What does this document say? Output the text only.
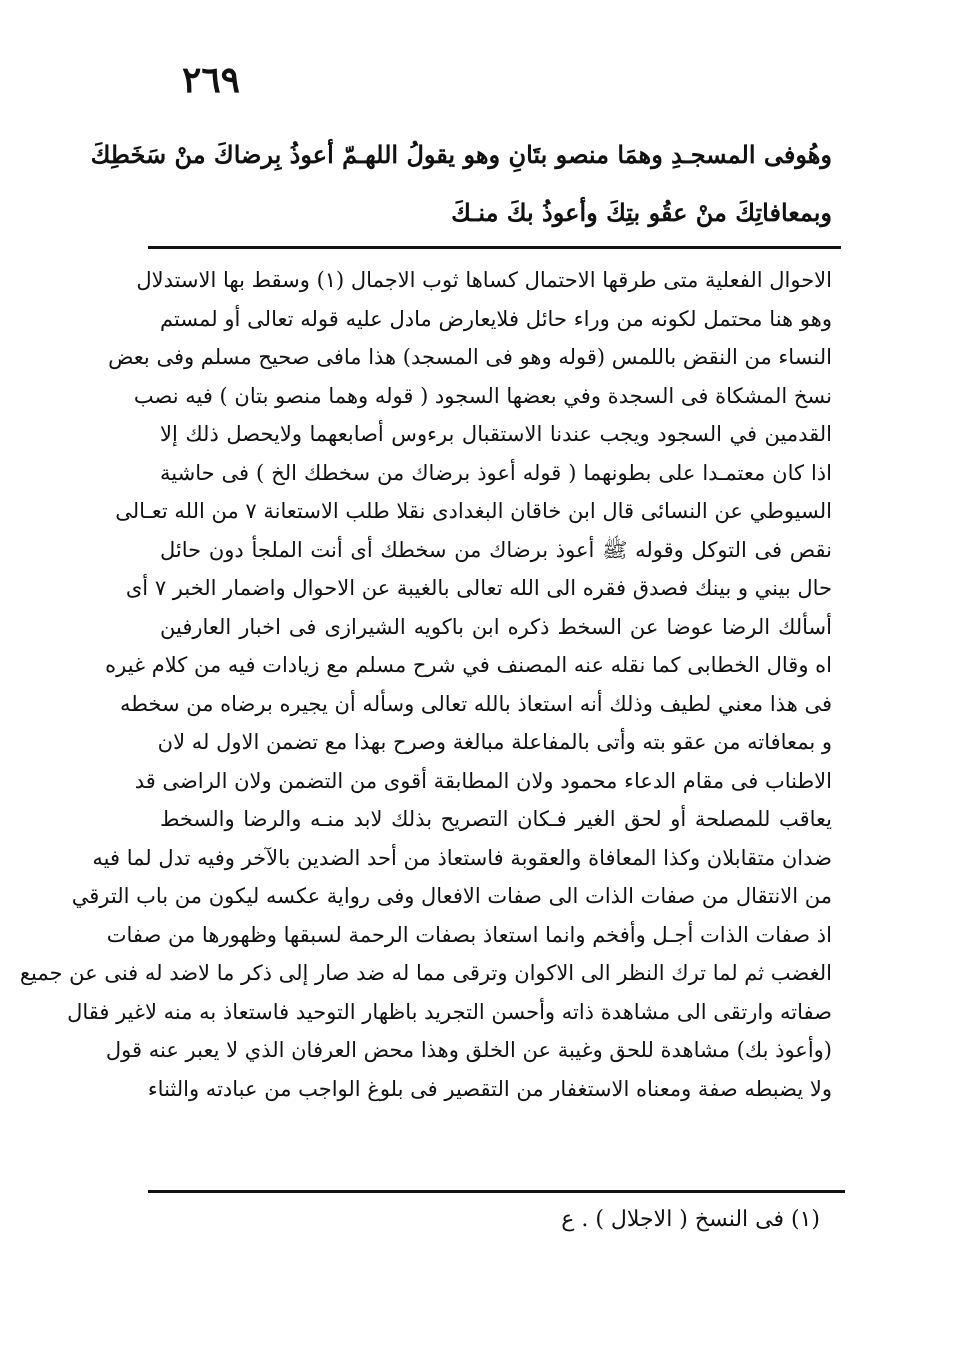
٢٦٩
وهُوفى المسجـدِ وهمَا منصو بتَانِ وهو يقولُ اللهـمّ أعوذُ بِرضاكَ منْ سَخَطِكَ
وبمعافاتِكَ منْ عقُو بتِكَ وأعوذُ بكَ منـكَ
الاحوال الفعلية متى طرقها الاحتمال كساها ثوب الاجمال (١) وسقط بها الاستدلال
وهو هنا محتمل لكونه من وراء حائل فلايعارض مادل عليه قوله تعالى أو لمستم
النساء من النقض باللمس (قوله وهو فى المسجد) هذا مافى صحيح مسلم وفى بعض
نسخ المشكاة فى السجدة وفي بعضها السجود ( قوله وهما منصو بتان ) فيه نصب
القدمين في السجود ويجب عندنا الاستقبال برءوس أصابعهما ولايحصل ذلك إلا
اذا كان معتمـدا على بطونهما ( قوله أعوذ برضاك من سخطك الخ ) فى حاشية
السيوطي عن النسائى قال ابن خاقان البغدادى نقلا طلب الاستعانة ٧ من الله تعـالى
نقص فى التوكل وقوله ﷺ أعوذ برضاك من سخطك أى أنت الملجأ دون حائل
حال بيني و بينك فصدق فقره الى الله تعالى بالغيبة عن الاحوال واضمار الخبر ٧ أى
أسألك الرضا عوضا عن السخط ذكره ابن باكويه الشيرازى فى اخبار العارفين
اه وقال الخطابى كما نقله عنه المصنف في شرح مسلم مع زيادات فيه من كلام غيره
فى هذا معني لطيف وذلك أنه استعاذ بالله تعالى وسأله أن يجيره برضاه من سخطه
و بمعافاته من عقو بته وأتى بالمفاعلة مبالغة وصرح بهذا مع تضمن الاول له لان
الاطناب فى مقام الدعاء محمود ولان المطابقة أقوى من التضمن ولان الراضى قد
يعاقب للمصلحة أو لحق الغير فـكان التصريح بذلك لابد منـه والرضا والسخط
ضدان متقابلان وكذا المعافاة والعقوبة فاستعاذ من أحد الضدين بالآخر وفيه تدل لما فيه
من الانتقال من صفات الذات الى صفات الافعال وفى رواية عكسه ليكون من باب الترقي
اذ صفات الذات أجـل وأفخم وانما استعاذ بصفات الرحمة لسبقها وظهورها من صفات
الغضب ثم لما ترك النظر الى الاكوان وترقى مما له ضد صار إلى ذكر ما لاضد له فنى عن جميع
صفاته وارتقى الى مشاهدة ذاته وأحسن التجريد باظهار التوحيد فاستعاذ به منه لاغير فقال
(وأعوذ بك) مشاهدة للحق وغيبة عن الخلق وهذا محض العرفان الذي لا يعبر عنه قول
ولا يضبطه صفة ومعناه الاستغفار من التقصير فى بلوغ الواجب من عبادته والثناء
(١) فى النسخ ( الاجلال ) . ع
